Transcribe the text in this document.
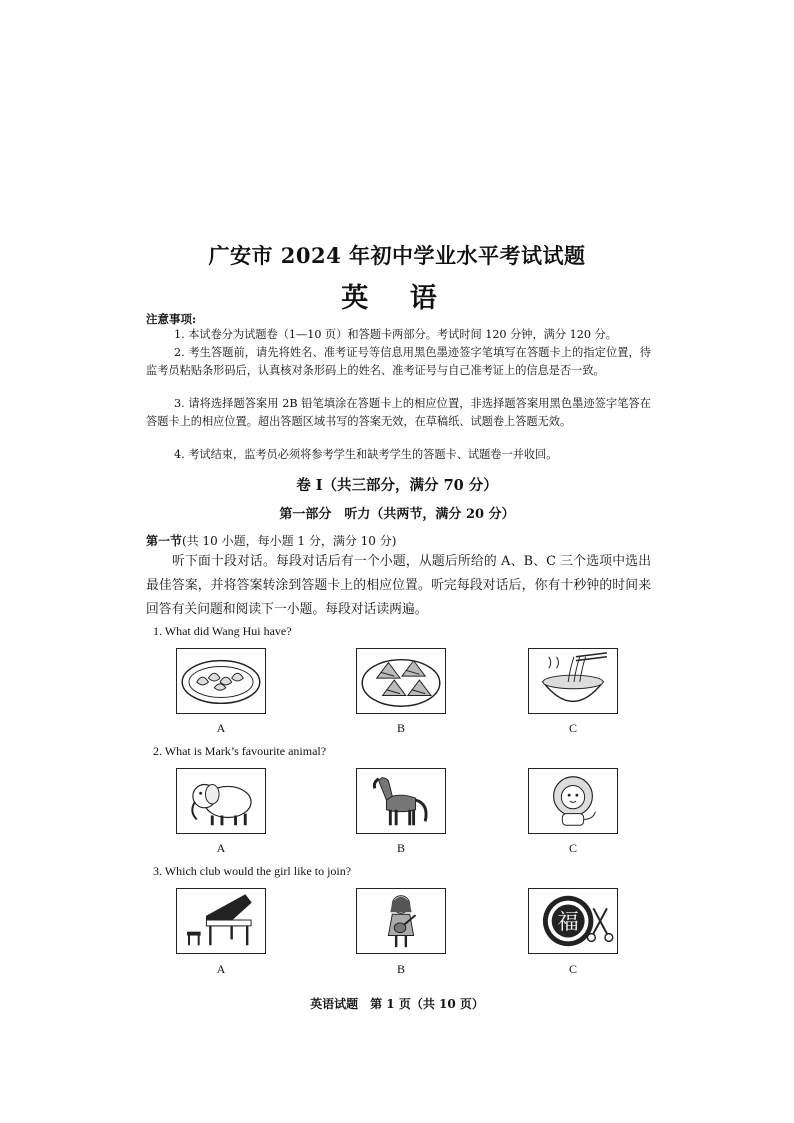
广安市 2024 年初中学业水平考试试题
英 语
注意事项:
1. 本试卷分为试题卷（1—10 页）和答题卡两部分。考试时间 120 分钟，满分 120 分。
2. 考生答题前，请先将姓名、准考证号等信息用黑色墨迹签字笔填写在答题卡上的指定位置，待监考员粘贴条形码后，认真核对条形码上的姓名、准考证号与自己准考证上的信息是否一致。
3. 请将选择题答案用 2B 铅笔填涂在答题卡上的相应位置，非选择题答案用黑色墨迹签字笔答在答题卡上的相应位置。超出答题区域书写的答案无效，在草稿纸、试题卷上答题无效。
4. 考试结束，监考员必须将参考学生和缺考学生的答题卡、试题卷一并收回。
卷 I（共三部分，满分 70 分）
第一部分　听力（共两节，满分 20 分）
第一节(共 10 小题，每小题 1 分，满分 10 分)
听下面十段对话。每段对话后有一个小题，从题后所给的 A、B、C 三个选项中选出最佳答案，并将答案转涂到答题卡上的相应位置。听完每段对话后，你有十秒钟的时间来回答有关问题和阅读下一小题。每段对话读两遍。
1. What did Wang Hui have?
A	B	C
2. What is Mark’s favourite animal?
A	B	C
3. Which club would the girl like to join?
福
A	B	C
英语试题　第 1 页（共 10 页）
